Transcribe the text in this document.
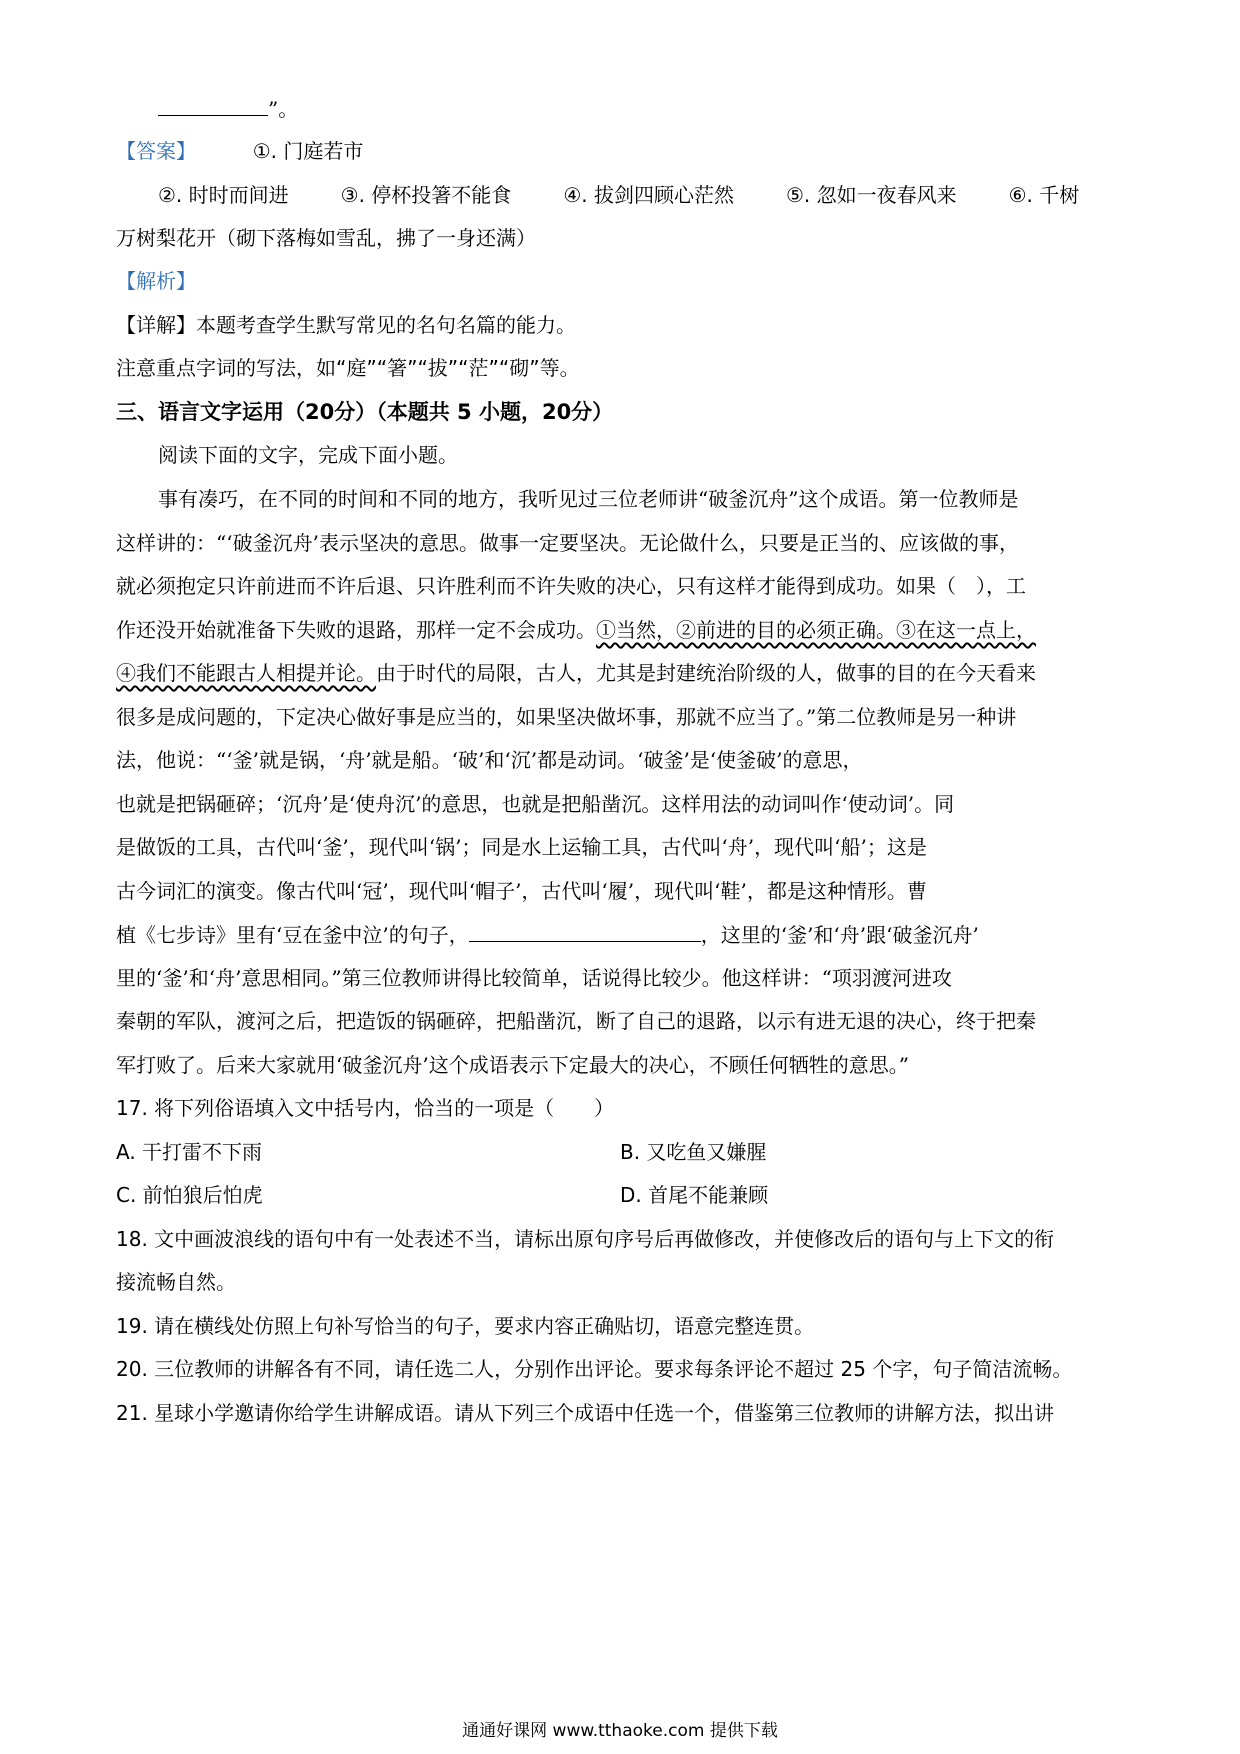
”。
【答案】	①. 门庭若市
②. 时时而间进	③. 停杯投箸不能食	④. 拔剑四顾心茫然	⑤. 忽如一夜春风来	⑥. 千树
万树梨花开（砌下落梅如雪乱，拂了一身还满）
【解析】
【详解】本题考查学生默写常见的名句名篇的能力。
注意重点字词的写法，如“庭”“箸”“拔”“茫”“砌”等。
三、语言文字运用（20分）（本题共 5 小题，20分）
阅读下面的文字，完成下面小题。
事有凑巧，在不同的时间和不同的地方，我听见过三位老师讲“破釜沉舟”这个成语。第一位教师是
这样讲的：“‘破釜沉舟’表示坚决的意思。做事一定要坚决。无论做什么，只要是正当的、应该做的事，
就必须抱定只许前进而不许后退、只许胜利而不许失败的决心，只有这样才能得到成功。如果（　），工
作还没开始就准备下失败的退路，那样一定不会成功。①当然，②前进的目的必须正确。③在这一点上，
④我们不能跟古人相提并论。由于时代的局限，古人，尤其是封建统治阶级的人，做事的目的在今天看来
很多是成问题的，下定决心做好事是应当的，如果坚决做坏事，那就不应当了。”第二位教师是另一种讲
法，他说：“‘釜’就是锅，‘舟’就是船。‘破’和‘沉’都是动词。‘破釜’是‘使釜破’的意思，
也就是把锅砸碎；‘沉舟’是‘使舟沉’的意思，也就是把船凿沉。这样用法的动词叫作‘使动词’。同
是做饭的工具，古代叫‘釜’，现代叫‘锅’；同是水上运输工具，古代叫‘舟’，现代叫‘船’；这是
古今词汇的演变。像古代叫‘冠’，现代叫‘帽子’，古代叫‘履’，现代叫‘鞋’，都是这种情形。曹
植《七步诗》里有‘豆在釜中泣’的句子，	，这里的‘釜’和‘舟’跟‘破釜沉舟’
里的‘釜’和‘舟’意思相同。”第三位教师讲得比较简单，话说得比较少。他这样讲：“项羽渡河进攻
秦朝的军队，渡河之后，把造饭的锅砸碎，把船凿沉，断了自己的退路，以示有进无退的决心，终于把秦
军打败了。后来大家就用‘破釜沉舟’这个成语表示下定最大的决心，不顾任何牺牲的意思。”
17. 将下列俗语填入文中括号内，恰当的一项是（　　）
A. 干打雷不下雨	B. 又吃鱼又嫌腥
C. 前怕狼后怕虎	D. 首尾不能兼顾
18. 文中画波浪线的语句中有一处表述不当，请标出原句序号后再做修改，并使修改后的语句与上下文的衔
接流畅自然。
19. 请在横线处仿照上句补写恰当的句子，要求内容正确贴切，语意完整连贯。
20. 三位教师的讲解各有不同，请任选二人，分别作出评论。要求每条评论不超过 25 个字，句子简洁流畅。
21. 星球小学邀请你给学生讲解成语。请从下列三个成语中任选一个，借鉴第三位教师的讲解方法，拟出讲
通通好课网 www.tthaoke.com 提供下载
